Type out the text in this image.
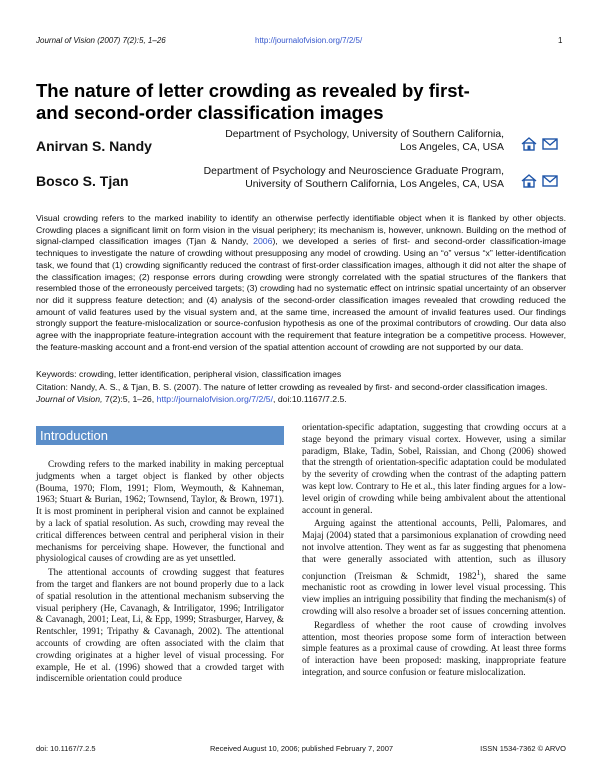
Journal of Vision (2007) 7(2):5, 1–26	http://journalofvision.org/7/2/5/	1
The nature of letter crowding as revealed by first- and second-order classification images
Anirvan S. Nandy
Department of Psychology, University of Southern California,
Los Angeles, CA, USA
Bosco S. Tjan
Department of Psychology and Neuroscience Graduate Program,
University of Southern California, Los Angeles, CA, USA

Visual crowding refers to the marked inability to identify an otherwise perfectly identifiable object when it is flanked by other objects. Crowding places a significant limit on form vision in the visual periphery; its mechanism is, however, unknown. Building on the method of signal-clamped classification images (Tjan & Nandy, 2006), we developed a series of first- and second-order classification-image techniques to investigate the nature of crowding without presupposing any model of crowding. Using an “o” versus “x” letter-identification task, we found that (1) crowding significantly reduced the contrast of first-order classification images, although it did not alter the shape of the classification images; (2) response errors during crowding were strongly correlated with the spatial structures of the flankers that resembled those of the erroneously perceived targets; (3) crowding had no systematic effect on intrinsic spatial uncertainty of an observer nor did it suppress feature detection; and (4) analysis of the second-order classification images revealed that crowding reduced the amount of valid features used by the visual system and, at the same time, increased the amount of invalid features used. Our findings strongly support the feature-mislocalization or source-confusion hypothesis as one of the proximal contributors of crowding. Our data also agree with the inappropriate feature-integration account with the requirement that feature integration be a competitive process. However, the feature-masking account and a front-end version of the spatial attention account of crowding are not supported by our data.

Keywords: crowding, letter identification, peripheral vision, classification images

Citation: Nandy, A. S., & Tjan, B. S. (2007). The nature of letter crowding as revealed by first- and second-order classification images. Journal of Vision, 7(2):5, 1–26, http://journalofvision.org/7/2/5/, doi:10.1167/7.2.5.

Introduction

Crowding refers to the marked inability in making perceptual judgments when a target object is flanked by other objects (Bouma, 1970; Flom, 1991; Flom, Weymouth, & Kahneman, 1963; Stuart & Burian, 1962; Townsend, Taylor, & Brown, 1971). It is most prominent in peripheral vision and cannot be explained by a lack of spatial resolution. As such, crowding may reveal the critical differences between central and peripheral vision in their mechanisms for perceiving shape. However, the functional and physiological causes of crowding are as yet unsettled.

The attentional accounts of crowding suggest that features from the target and flankers are not bound properly due to a lack of spatial resolution in the attentional mechanism subserving the visual periphery (He, Cavanagh, & Intriligator, 1996; Intriligator & Cavanagh, 2001; Leat, Li, & Epp, 1999; Strasburger, Harvey, & Rentschler, 1991; Tripathy & Cavanagh, 2002). The attentional accounts of crowding are often associated with the claim that crowding originates at a higher level of visual processing. For example, He et al. (1996) showed that a crowded target with indiscernible orientation could produce

orientation-specific adaptation, suggesting that crowding occurs at a stage beyond the primary visual cortex. However, using a similar paradigm, Blake, Tadin, Sobel, Raissian, and Chong (2006) showed that the strength of orientation-specific adaptation could be modulated by the severity of crowding when the contrast of the adapting pattern was kept low. Contrary to He et al., this later finding argues for a low-level origin of crowding while being ambivalent about the attentional account in general.

Arguing against the attentional accounts, Pelli, Palomares, and Majaj (2004) stated that a parsimonious explanation of crowding need not involve attention. They went as far as suggesting that phenomena that were generally associated with attention, such as illusory conjunction (Treisman & Schmidt, 1982$^1$), shared the same mechanistic root as crowding in lower level visual processing. This view implies an intriguing possibility that finding the mechanism(s) of crowding will also resolve a broader set of issues concerning attention.

Regardless of whether the root cause of crowding involves attention, most theories propose some form of interaction between simple features as a proximal cause of crowding. At least three forms of interaction have been proposed: masking, inappropriate feature integration, and source confusion or feature mislocalization.

doi: 10.1167/7.2.5	Received August 10, 2006; published February 7, 2007	ISSN 1534-7362 © ARVO
